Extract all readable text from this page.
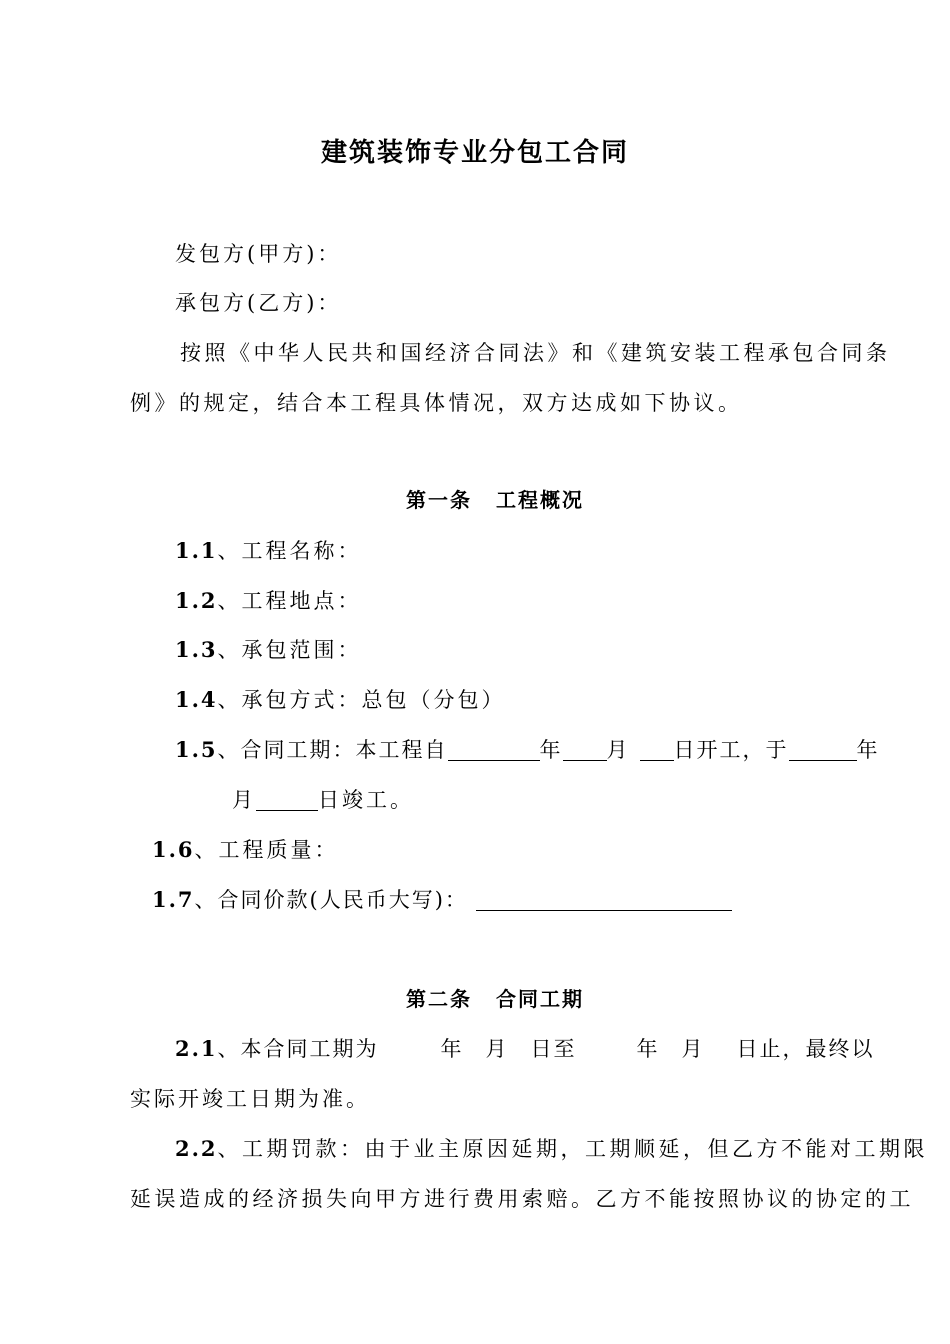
建筑装饰专业分包工合同
发包方(甲方)：
承包方(乙方)：
按照《中华人民共和国经济合同法》和《建筑安装工程承包合同条
例》的规定，结合本工程具体情况，双方达成如下协议。
第一条 工程概况
1.1、工程名称：
1.2、工程地点：
1.3、承包范围：
1.4、承包方式：总包（分包）
1.5、合同工期：本工程自	年 月 日开工，于	年
月	日竣工。
1.6、工程质量：
1.7、合同价款(人民币大写)：
第二条 合同工期
2.1、本合同工期为	年 月 日至	年 月 日止，最终以
实际开竣工日期为准。
2.2、工期罚款：由于业主原因延期，工期顺延，但乙方不能对工期限
延误造成的经济损失向甲方进行费用索赔。乙方不能按照协议的协定的工
